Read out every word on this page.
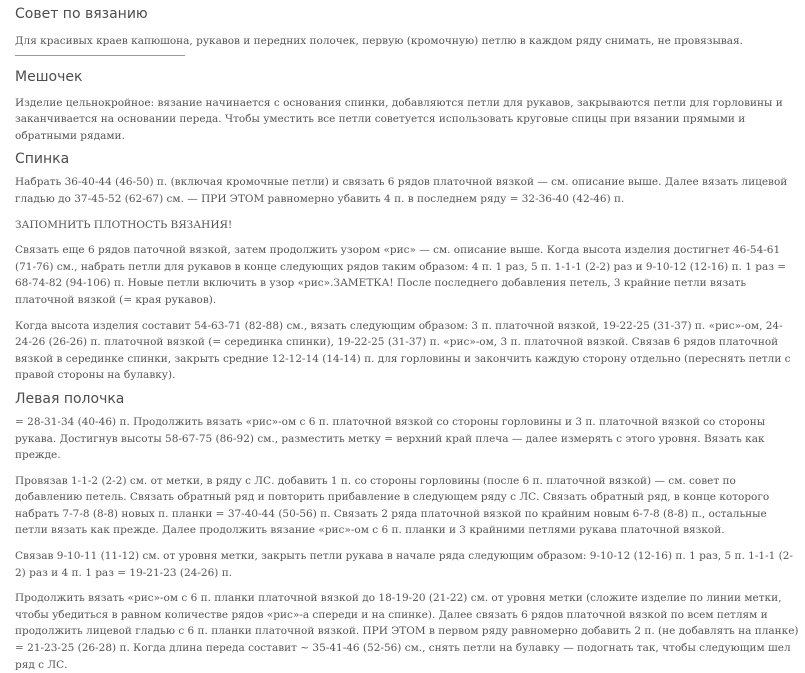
Совет по вязанию

Для красивых краев капюшона, рукавов и передних полочек, первую (кромочную) петлю в каждом ряду снимать, не провязывая.

Мешочек

Изделие цельнокройное: вязание начинается с основания спинки, добавляются петли для рукавов, закрываются петли для горловины и заканчивается на основании переда. Чтобы уместить все петли советуется использовать круговые спицы при вязании прямыми и обратными рядами.

Спинка

Набрать 36-40-44 (46-50) п. (включая кромочные петли) и связать 6 рядов платочной вязкой — см. описание выше. Далее вязать лицевой гладью до 37-45-52 (62-67) см. — ПРИ ЭТОМ равномерно убавить 4 п. в последнем ряду = 32-36-40 (42-46) п.

ЗАПОМНИТЬ ПЛОТНОСТЬ ВЯЗАНИЯ!

Связать еще 6 рядов паточной вязкой, затем продолжить узором «рис» — см. описание выше. Когда высота изделия достигнет 46-54-61 (71-76) см., набрать петли для рукавов в конце следующих рядов таким образом: 4 п. 1 раз, 5 п. 1-1-1 (2-2) раз и 9-10-12 (12-16) п. 1 раз = 68-74-82 (94-106) п. Новые петли включить в узор «рис».ЗАМЕТКА! После последнего добавления петель, 3 крайние петли вязать платочной вязкой (= края рукавов).

Когда высота изделия составит 54-63-71 (82-88) см., вязать следующим образом: 3 п. платочной вязкой, 19-22-25 (31-37) п. «рис»-ом, 24-24-26 (26-26) п. платочной вязкой (= серединка спинки), 19-22-25 (31-37) п. «рис»-ом, 3 п. платочной вязкой. Связав 6 рядов платочной вязкой в серединке спинки, закрыть средние 12-12-14 (14-14) п. для горловины и закончить каждую сторону отдельно (переснять петли с правой стороны на булавку).

Левая полочка

= 28-31-34 (40-46) п. Продолжить вязать «рис»-ом с 6 п. платочной вязкой со стороны горловины и 3 п. платочной вязкой со стороны рукава. Достигнув высоты 58-67-75 (86-92) см., разместить метку = верхний край плеча — далее измерять с этого уровня. Вязать как прежде.

Провязав 1-1-2 (2-2) см. от метки, в ряду с ЛС. добавить 1 п. со стороны горловины (после 6 п. платочной вязкой) — см. совет по добавлению петель. Связать обратный ряд и повторить прибавление в следующем ряду с ЛС. Связать обратный ряд, в конце которого набрать 7-7-8 (8-8) новых п. планки = 37-40-44 (50-56) п. Связать 2 ряда платочной вязкой по крайним новым 6-7-8 (8-8) п., остальные петли вязать как прежде. Далее продолжить вязание «рис»-ом с 6 п. планки и 3 крайними петлями рукава платочной вязкой.

Связав 9-10-11 (11-12) см. от уровня метки, закрыть петли рукава в начале ряда следующим образом: 9-10-12 (12-16) п. 1 раз, 5 п. 1-1-1 (2-2) раз и 4 п. 1 раз = 19-21-23 (24-26) п.

Продолжить вязать «рис»-ом с 6 п. планки платочной вязкой до 18-19-20 (21-22) см. от уровня метки (сложите изделие по линии метки, чтобы убедиться в равном количестве рядов «рис»-а спереди и на спинке). Далее связать 6 рядов платочной вязкой по всем петлям и продолжить лицевой гладью с 6 п. планки платочной вязкой. ПРИ ЭТОМ в первом ряду равномерно добавить 2 п. (не добавлять на планке) = 21-23-25 (26-28) п. Когда длина переда составит ~ 35-41-46 (52-56) см., снять петли на булавку — подогнать так, чтобы следующим шел ряд с ЛС.
